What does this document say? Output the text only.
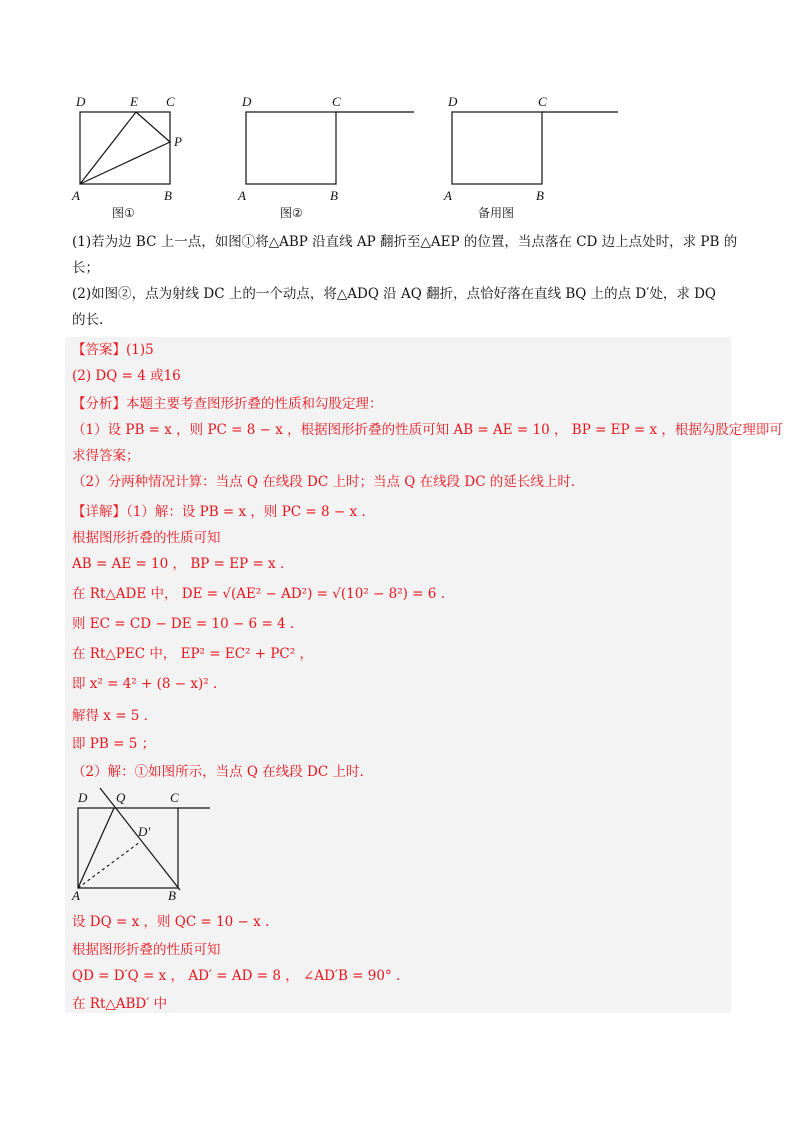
D	E C
P
A	B
图①
D	C
A	B
图②
D	C
A	B
备用图
(1)若为边 BC 上一点，如图①将△ABP 沿直线 AP 翻折至△AEP 的位置，当点落在 CD 边上点处时，求 PB 的
长；
(2)如图②，点为射线 DC 上的一个动点，将△ADQ 沿 AQ 翻折，点恰好落在直线 BQ 上的点 D′处，求 DQ
的长.
【答案】(1)5
(2) DQ = 4 或16
【分析】本题主要考查图形折叠的性质和勾股定理：
（1）设 PB = x ，则 PC = 8 − x ，根据图形折叠的性质可知 AB = AE = 10 ， BP = EP = x ，根据勾股定理即可
求得答案；
（2）分两种情况计算：当点 Q 在线段 DC 上时；当点 Q 在线段 DC 的延长线上时.
【详解】（1）解：设 PB = x ，则 PC = 8 − x .
根据图形折叠的性质可知
AB = AE = 10 ， BP = EP = x .
在 Rt△ADE 中， DE = √(AE² − AD²) = √(10² − 8²) = 6 .
则 EC = CD − DE = 10 − 6 = 4 .
在 Rt△PEC 中， EP² = EC² + PC² ，
即 x² = 4² + (8 − x)² .
解得 x = 5 .
即 PB = 5 ；
（2）解：①如图所示，当点 Q 在线段 DC 上时.
D Q	C
D'
A	B
设 DQ = x ，则 QC = 10 − x .
根据图形折叠的性质可知
QD = D′Q = x ， AD′ = AD = 8 ， ∠AD′B = 90° .
在 Rt△ABD′ 中
